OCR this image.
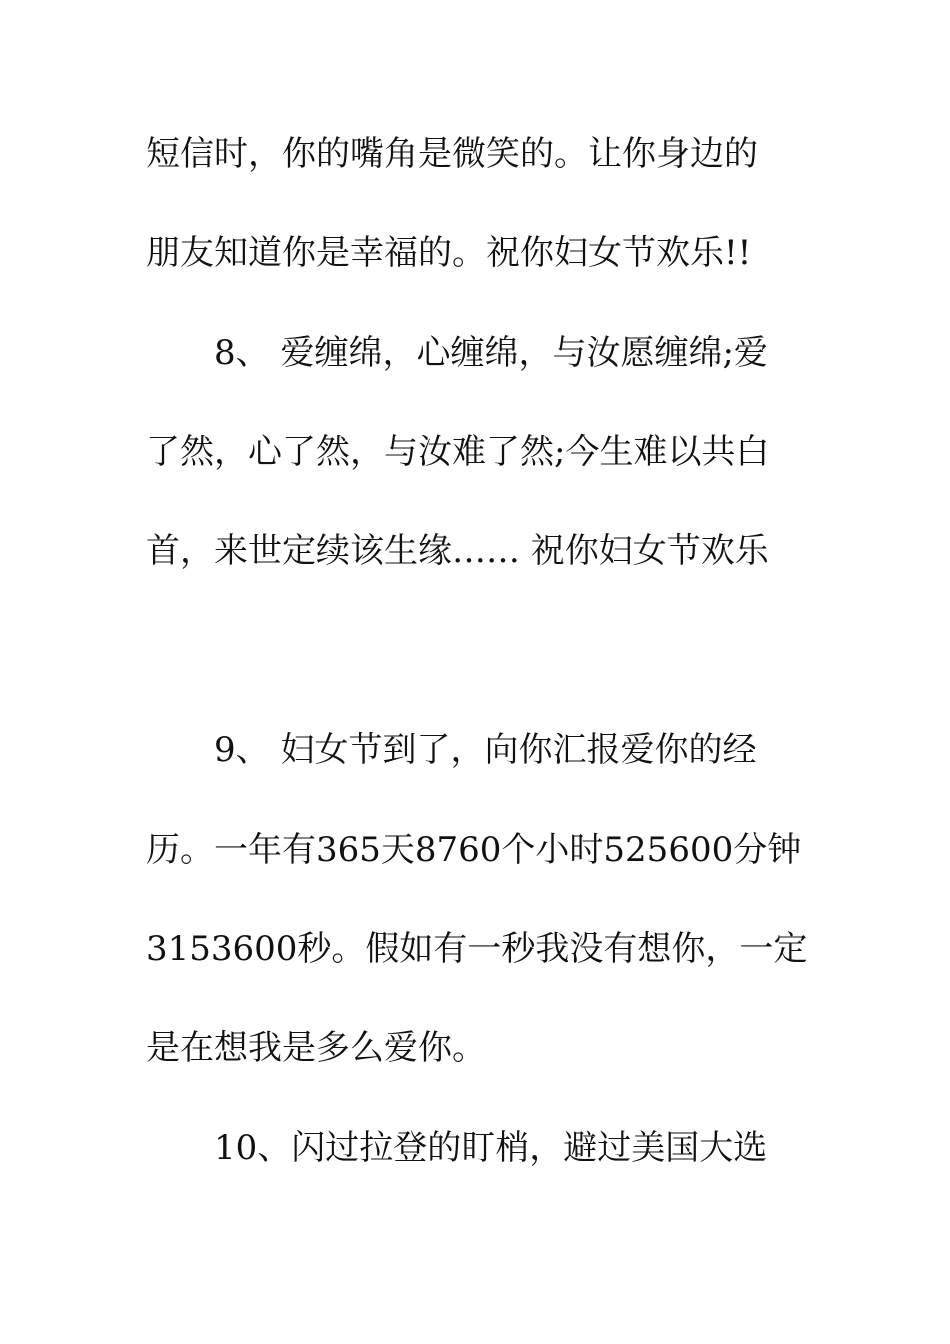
短信时，你的嘴角是微笑的。让你身边的
朋友知道你是幸福的。祝你妇女节欢乐!!
8、 爱缠绵，心缠绵，与汝愿缠绵;爱
了然，心了然，与汝难了然;今生难以共白
首，来世定续该生缘…… 祝你妇女节欢乐
9、 妇女节到了，向你汇报爱你的经
历。一年有365天8760个小时525600分钟
3153600秒。假如有一秒我没有想你，一定
是在想我是多么爱你。
10、闪过拉登的盯梢，避过美国大选
